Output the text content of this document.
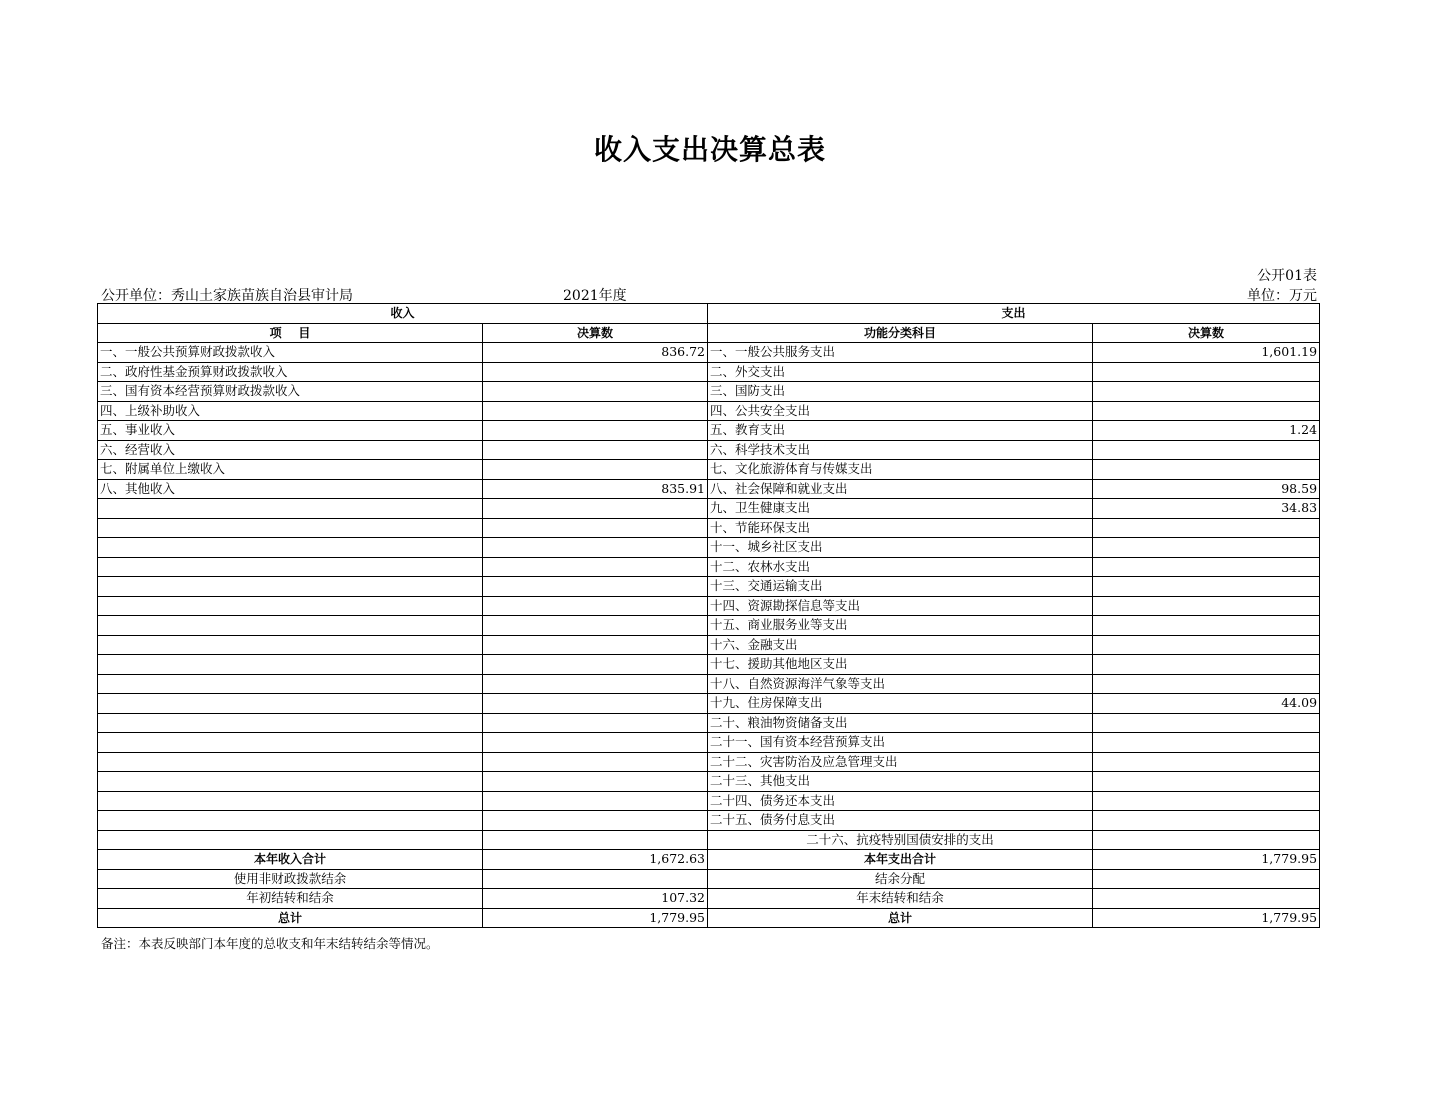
收入支出决算总表
公开01表
公开单位：秀山土家族苗族自治县审计局	2021年度	单位：万元
收入		支出	
项    目	决算数	功能分类科目	决算数
一、一般公共预算财政拨款收入	836.72	一、一般公共服务支出	1,601.19
二、政府性基金预算财政拨款收入		二、外交支出	
三、国有资本经营预算财政拨款收入		三、国防支出	
四、上级补助收入		四、公共安全支出	
五、事业收入		五、教育支出	1.24
六、经营收入		六、科学技术支出	
七、附属单位上缴收入		七、文化旅游体育与传媒支出	
八、其他收入	835.91	八、社会保障和就业支出	98.59
		九、卫生健康支出	34.83
		十、节能环保支出	
		十一、城乡社区支出	
		十二、农林水支出	
		十三、交通运输支出	
		十四、资源勘探信息等支出	
		十五、商业服务业等支出	
		十六、金融支出	
		十七、援助其他地区支出	
		十八、自然资源海洋气象等支出	
		十九、住房保障支出	44.09
		二十、粮油物资储备支出	
		二十一、国有资本经营预算支出	
		二十二、灾害防治及应急管理支出	
		二十三、其他支出	
		二十四、债务还本支出	
		二十五、债务付息支出	
		二十六、抗疫特别国债安排的支出	
本年收入合计	1,672.63	本年支出合计	1,779.95
使用非财政拨款结余		结余分配	
年初结转和结余	107.32	年末结转和结余	
总计	1,779.95	总计	1,779.95
备注：本表反映部门本年度的总收支和年末结转结余等情况。
